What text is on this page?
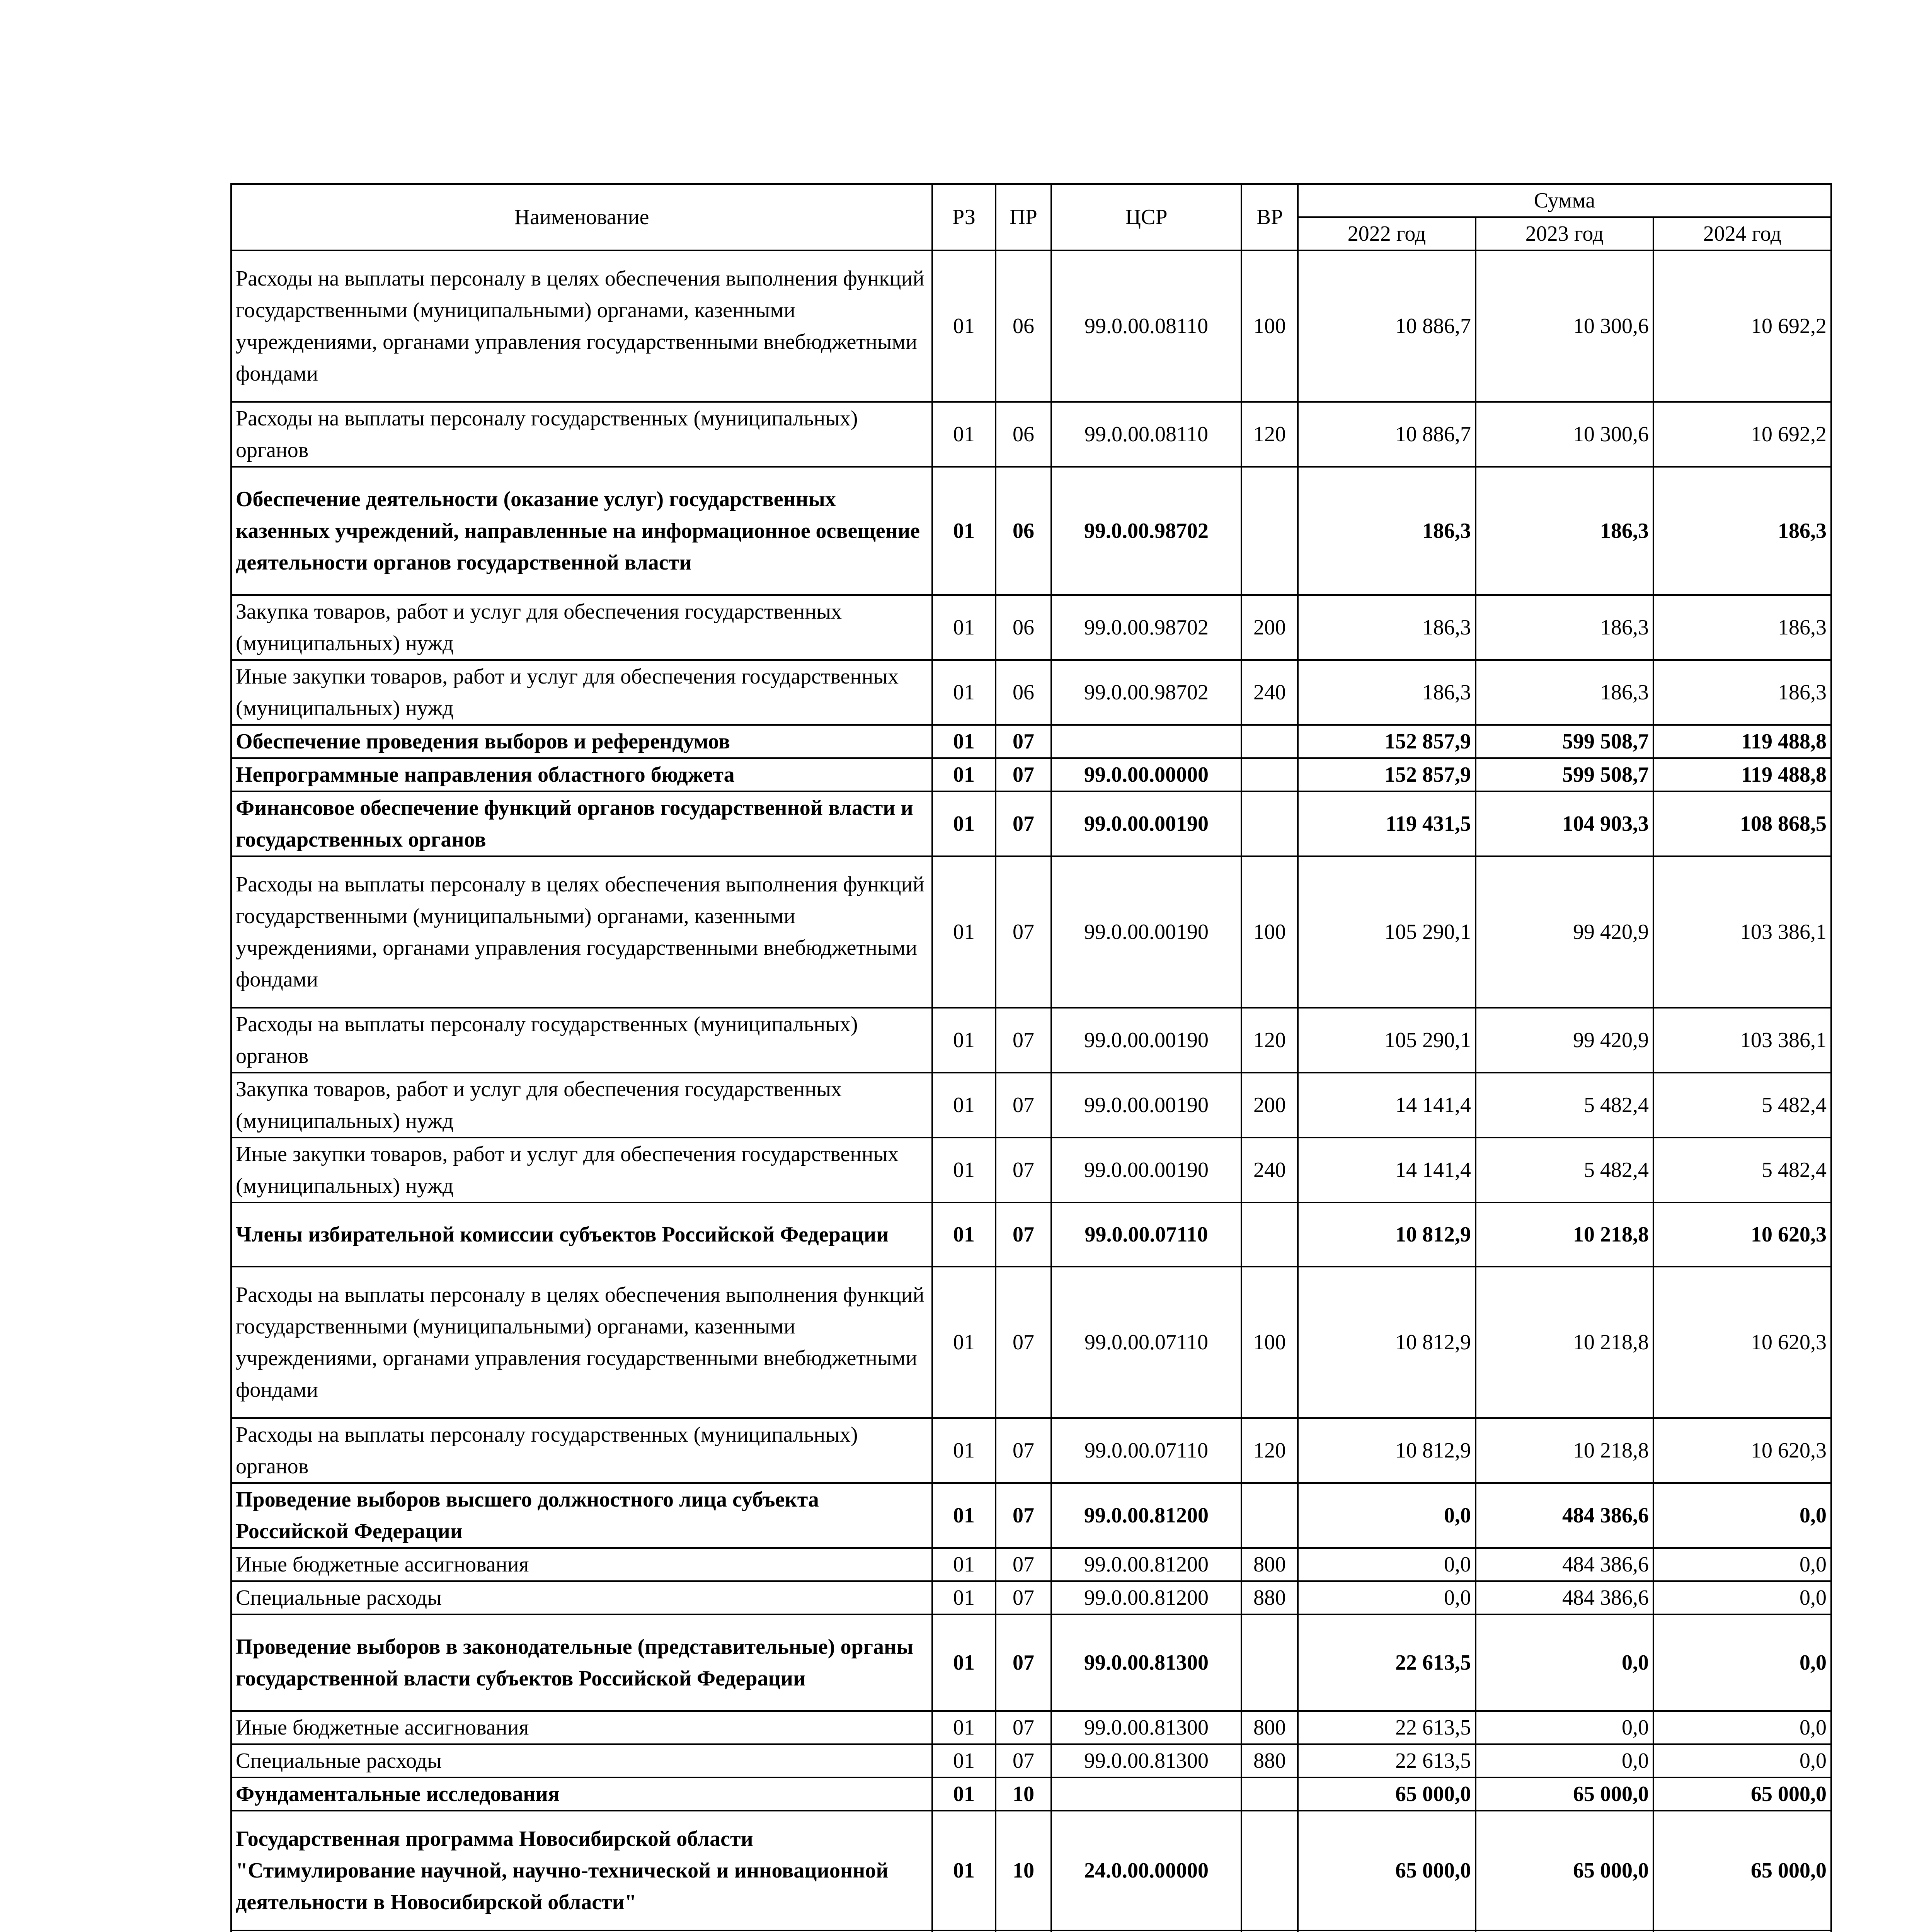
Наименование	РЗ	ПР	ЦСР	ВР	Сумма		
					2022 год	2023 год	2024 год
Расходы на выплаты персоналу в целях обеспечения выполнения функций государственными (муниципальными) органами, казенными учреждениями, органами управления государственными внебюджетными фондами	01	06	99.0.00.08110	100	10 886,7	10 300,6	10 692,2
Расходы на выплаты персоналу государственных (муниципальных) органов	01	06	99.0.00.08110	120	10 886,7	10 300,6	10 692,2
Обеспечение деятельности (оказание услуг) государственных казенных учреждений, направленные на информационное освещение деятельности органов государственной власти	01	06	99.0.00.98702		186,3	186,3	186,3
Закупка товаров, работ и услуг для обеспечения государственных (муниципальных) нужд	01	06	99.0.00.98702	200	186,3	186,3	186,3
Иные закупки товаров, работ и услуг для обеспечения государственных (муниципальных) нужд	01	06	99.0.00.98702	240	186,3	186,3	186,3
Обеспечение проведения выборов и референдумов	01	07			152 857,9	599 508,7	119 488,8
Непрограммные направления областного бюджета	01	07	99.0.00.00000		152 857,9	599 508,7	119 488,8
Финансовое обеспечение функций органов государственной власти и государственных органов	01	07	99.0.00.00190		119 431,5	104 903,3	108 868,5
Расходы на выплаты персоналу в целях обеспечения выполнения функций государственными (муниципальными) органами, казенными учреждениями, органами управления государственными внебюджетными фондами	01	07	99.0.00.00190	100	105 290,1	99 420,9	103 386,1
Расходы на выплаты персоналу государственных (муниципальных) органов	01	07	99.0.00.00190	120	105 290,1	99 420,9	103 386,1
Закупка товаров, работ и услуг для обеспечения государственных (муниципальных) нужд	01	07	99.0.00.00190	200	14 141,4	5 482,4	5 482,4
Иные закупки товаров, работ и услуг для обеспечения государственных (муниципальных) нужд	01	07	99.0.00.00190	240	14 141,4	5 482,4	5 482,4
Члены избирательной комиссии субъектов Российской Федерации	01	07	99.0.00.07110		10 812,9	10 218,8	10 620,3
Расходы на выплаты персоналу в целях обеспечения выполнения функций государственными (муниципальными) органами, казенными учреждениями, органами управления государственными внебюджетными фондами	01	07	99.0.00.07110	100	10 812,9	10 218,8	10 620,3
Расходы на выплаты персоналу государственных (муниципальных) органов	01	07	99.0.00.07110	120	10 812,9	10 218,8	10 620,3
Проведение выборов высшего должностного лица субъекта Российской Федерации	01	07	99.0.00.81200		0,0	484 386,6	0,0
Иные бюджетные ассигнования	01	07	99.0.00.81200	800	0,0	484 386,6	0,0
Специальные расходы	01	07	99.0.00.81200	880	0,0	484 386,6	0,0
Проведение выборов в законодательные (представительные) органы государственной власти субъектов Российской Федерации	01	07	99.0.00.81300		22 613,5	0,0	0,0
Иные бюджетные ассигнования	01	07	99.0.00.81300	800	22 613,5	0,0	0,0
Специальные расходы	01	07	99.0.00.81300	880	22 613,5	0,0	0,0
Фундаментальные исследования	01	10			65 000,0	65 000,0	65 000,0
Государственная программа Новосибирской области "Стимулирование научной, научно-технической и инновационной деятельности в Новосибирской области"	01	10	24.0.00.00000		65 000,0	65 000,0	65 000,0
